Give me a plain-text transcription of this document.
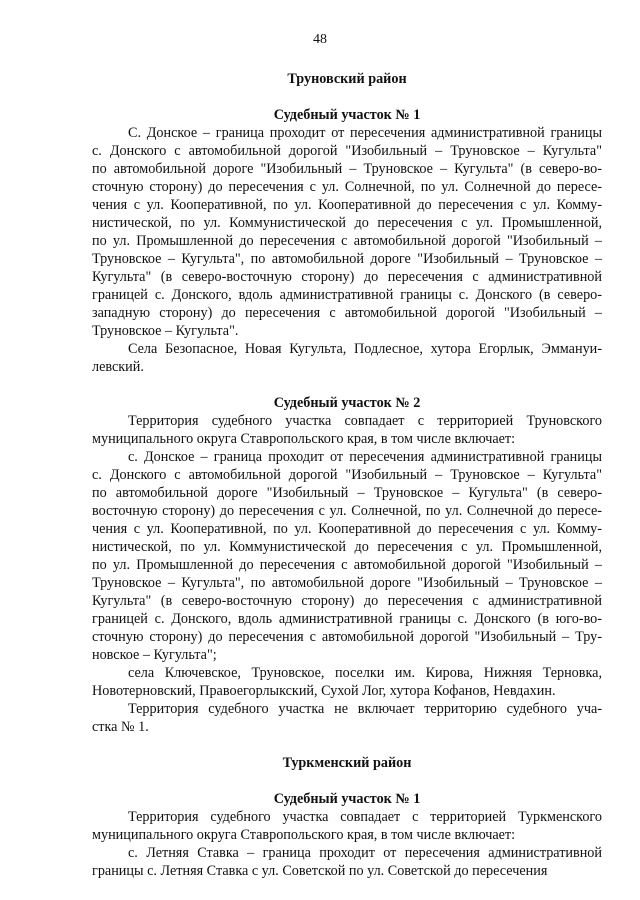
48
Труновский район
Судебный участок № 1
С. Донское – граница проходит от пересечения административной границы
с. Донского с автомобильной дорогой "Изобильный – Труновское – Кугульта"
по автомобильной дороге "Изобильный – Труновское – Кугульта" (в северо-во-
сточную сторону) до пересечения с ул. Солнечной, по ул. Солнечной до пересе-
чения с ул. Кооперативной, по ул. Кооперативной до пересечения с ул. Комму-
нистической, по ул. Коммунистической до пересечения с ул. Промышленной,
по ул. Промышленной до пересечения с автомобильной дорогой "Изобильный –
Труновское – Кугульта", по автомобильной дороге "Изобильный – Труновское –
Кугульта" (в северо-восточную сторону) до пересечения с административной
границей с. Донского, вдоль административной границы с. Донского (в северо-
западную сторону) до пересечения с автомобильной дорогой "Изобильный –
Труновское – Кугульта".
Села Безопасное, Новая Кугульта, Подлесное, хутора Егорлык, Эммануи-
левский.
Судебный участок № 2
Территория судебного участка совпадает с территорией Труновского
муниципального округа Ставропольского края, в том числе включает:
с. Донское – граница проходит от пересечения административной границы
с. Донского с автомобильной дорогой "Изобильный – Труновское – Кугульта"
по автомобильной дороге "Изобильный – Труновское – Кугульта" (в северо-
восточную сторону) до пересечения с ул. Солнечной, по ул. Солнечной до пересе-
чения с ул. Кооперативной, по ул. Кооперативной до пересечения с ул. Комму-
нистической, по ул. Коммунистической до пересечения с ул. Промышленной,
по ул. Промышленной до пересечения с автомобильной дорогой "Изобильный –
Труновское – Кугульта", по автомобильной дороге "Изобильный – Труновское –
Кугульта" (в северо-восточную сторону) до пересечения с административной
границей с. Донского, вдоль административной границы с. Донского (в юго-во-
сточную сторону) до пересечения с автомобильной дорогой "Изобильный – Тру-
новское – Кугульта";
села Ключевское, Труновское, поселки им. Кирова, Нижняя Терновка,
Новотерновский, Правоегорлыкский, Сухой Лог, хутора Кофанов, Невдахин.
Территория судебного участка не включает территорию судебного уча-
стка № 1.
Туркменский район
Судебный участок № 1
Территория судебного участка совпадает с территорией Туркменского
муниципального округа Ставропольского края, в том числе включает:
с. Летняя Ставка – граница проходит от пересечения административной
границы с. Летняя Ставка с ул. Советской по ул. Советской до пересечения
